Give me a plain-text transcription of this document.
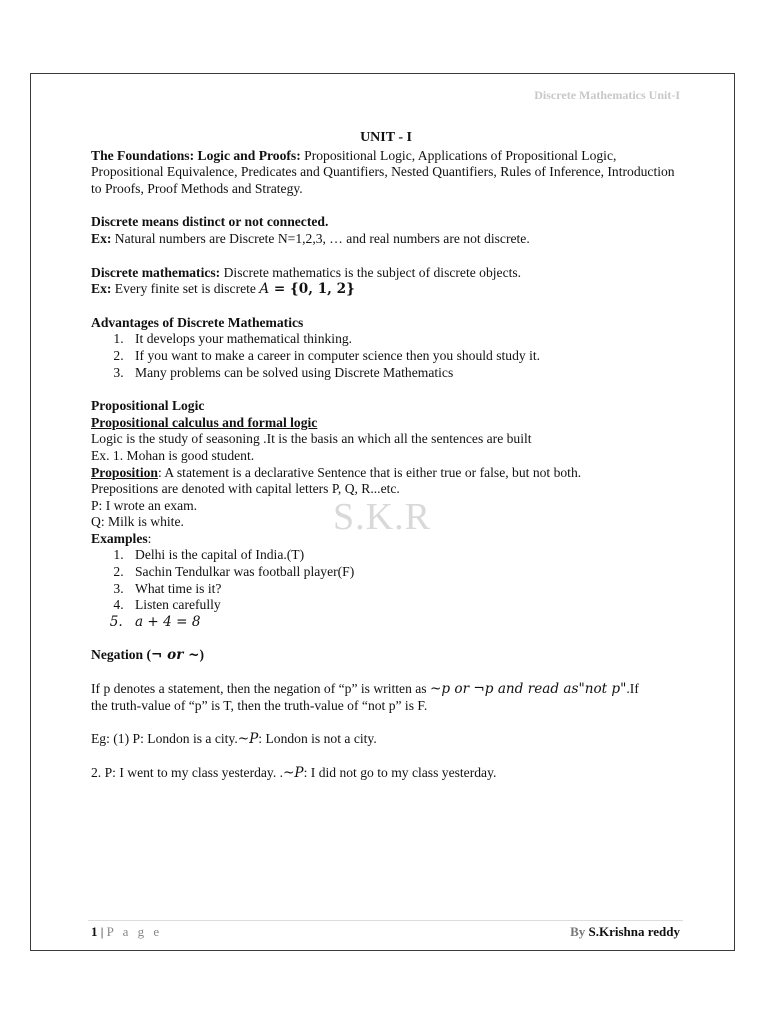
Discrete Mathematics Unit-I
S.K.R
UNIT - I

The Foundations: Logic and Proofs: Propositional Logic, Applications of Propositional Logic, Propositional Equivalence, Predicates and Quantifiers, Nested Quantifiers, Rules of Inference, Introduction to Proofs, Proof Methods and Strategy.

Discrete means distinct or not connected.

Ex: Natural numbers are Discrete N=1,2,3, … and real numbers are not discrete.

Discrete mathematics: Discrete mathematics is the subject of discrete objects.

Ex: Every finite set is discrete A = {0, 1, 2}

Advantages of Discrete Mathematics

1. It develops your mathematical thinking.
2. If you want to make a career in computer science then you should study it.
3. Many problems can be solved using Discrete Mathematics

Propositional Logic

Propositional calculus and formal logic

Logic is the study of seasoning .It is the basis an which all the sentences are built

Ex. 1. Mohan is good student.

Proposition: A statement is a declarative Sentence that is either true or false, but not both.

Prepositions are denoted with capital letters P, Q, R...etc.

P: I wrote an exam.

Q: Milk is white.

Examples:

1. Delhi is the capital of India.(T)
2. Sachin Tendulkar was football player(F)
3. What time is it?
4. Listen carefully
5. a + 4 = 8

Negation (¬ or ~)

If p denotes a statement, then the negation of “p” is written as ~p or ¬p and read as"not p".If

the truth-value of “p” is T, then the truth-value of “not p” is F.

Eg: (1) P: London is a city.~P: London is not a city.

2. P: I went to my class yesterday. .~P: I did not go to my class yesterday.

1 | P a g e	By S.Krishna reddy
